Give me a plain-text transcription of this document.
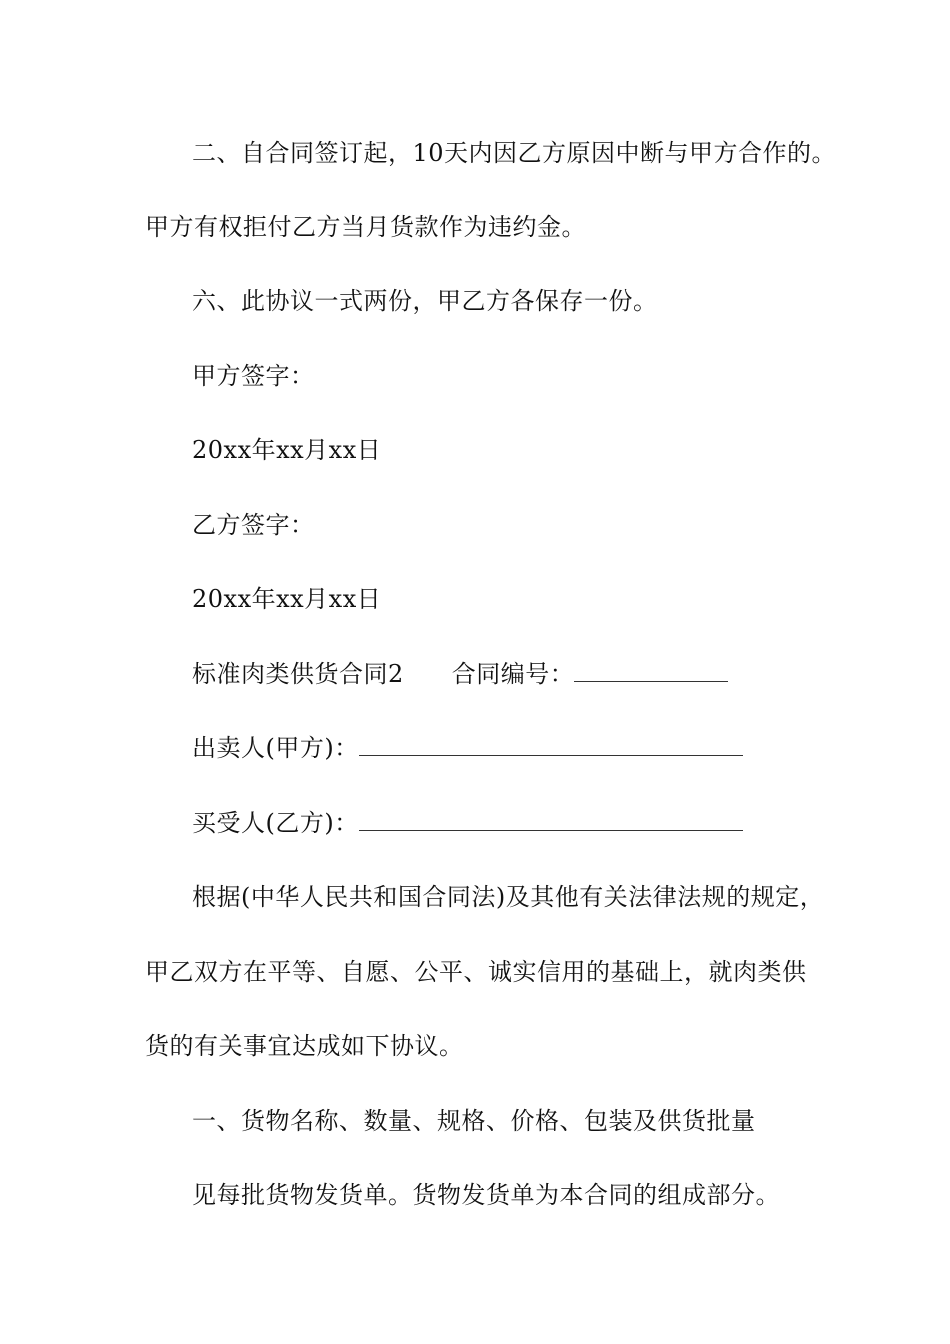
二、自合同签订起，10天内因乙方原因中断与甲方合作的。
甲方有权拒付乙方当月货款作为违约金。
六、此协议一式两份，甲乙方各保存一份。
甲方签字：
20xx年xx月xx日
乙方签字：
20xx年xx月xx日
标准肉类供货合同2 合同编号：
出卖人(甲方)：
买受人(乙方)：
根据(中华人民共和国合同法)及其他有关法律法规的规定，
甲乙双方在平等、自愿、公平、诚实信用的基础上，就肉类供
货的有关事宜达成如下协议。
一、货物名称、数量、规格、价格、包装及供货批量
见每批货物发货单。货物发货单为本合同的组成部分。
